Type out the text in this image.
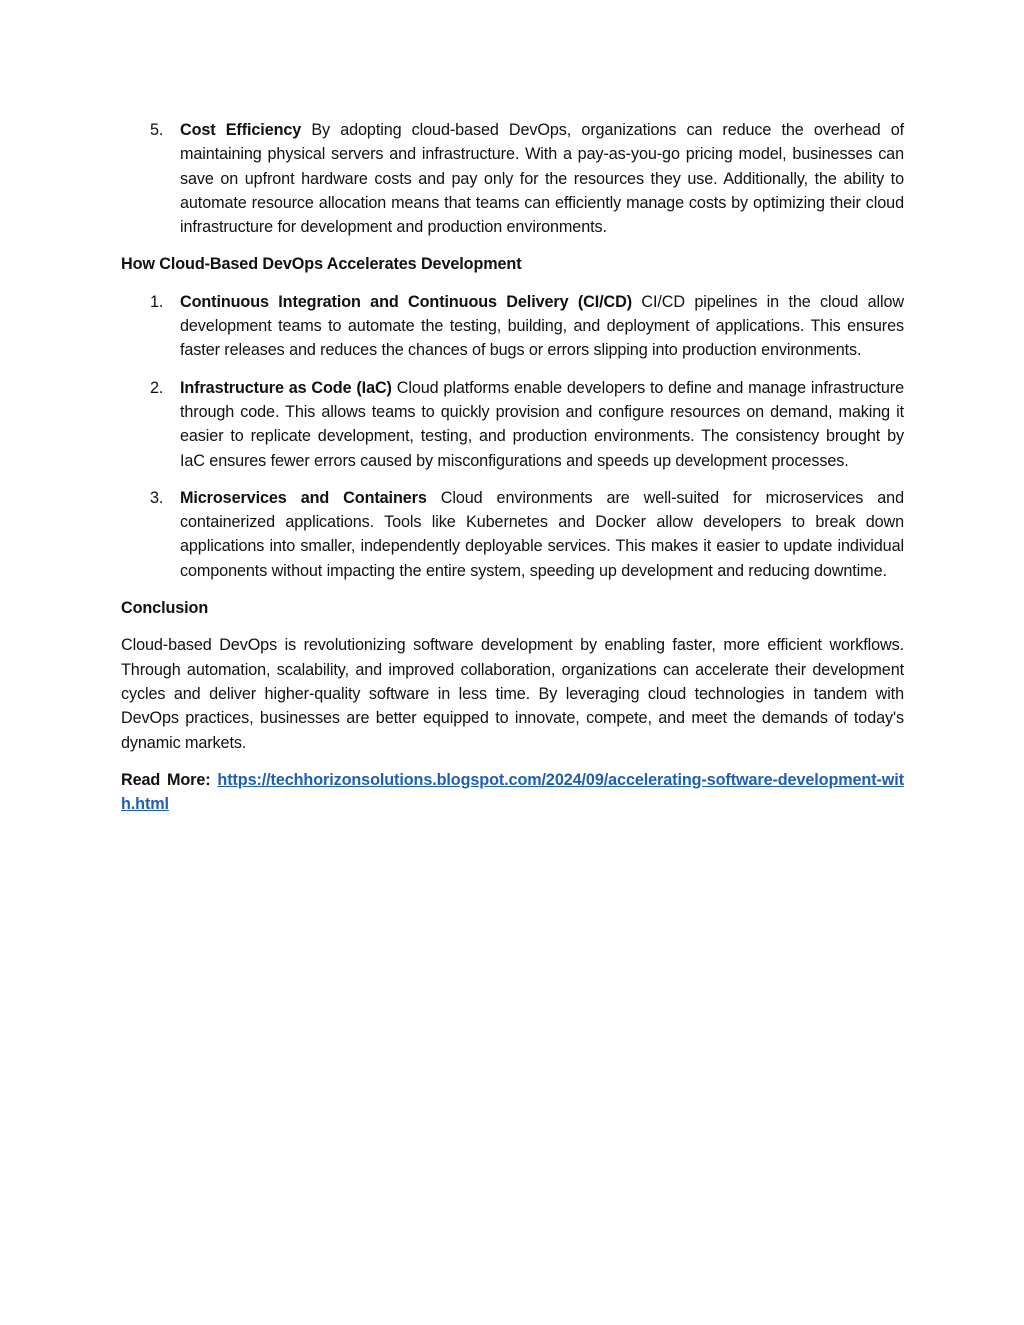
5. Cost Efficiency By adopting cloud-based DevOps, organizations can reduce the overhead of maintaining physical servers and infrastructure. With a pay-as-you-go pricing model, businesses can save on upfront hardware costs and pay only for the resources they use. Additionally, the ability to automate resource allocation means that teams can efficiently manage costs by optimizing their cloud infrastructure for development and production environments.
How Cloud-Based DevOps Accelerates Development
1. Continuous Integration and Continuous Delivery (CI/CD) CI/CD pipelines in the cloud allow development teams to automate the testing, building, and deployment of applications. This ensures faster releases and reduces the chances of bugs or errors slipping into production environments.
2. Infrastructure as Code (IaC) Cloud platforms enable developers to define and manage infrastructure through code. This allows teams to quickly provision and configure resources on demand, making it easier to replicate development, testing, and production environments. The consistency brought by IaC ensures fewer errors caused by misconfigurations and speeds up development processes.
3. Microservices and Containers Cloud environments are well-suited for microservices and containerized applications. Tools like Kubernetes and Docker allow developers to break down applications into smaller, independently deployable services. This makes it easier to update individual components without impacting the entire system, speeding up development and reducing downtime.
Conclusion

Cloud-based DevOps is revolutionizing software development by enabling faster, more efficient workflows. Through automation, scalability, and improved collaboration, organizations can accelerate their development cycles and deliver higher-quality software in less time. By leveraging cloud technologies in tandem with DevOps practices, businesses are better equipped to innovate, compete, and meet the demands of today's dynamic markets.

Read More: https://techhorizonsolutions.blogspot.com/2024/09/accelerating-software-development-with.html
